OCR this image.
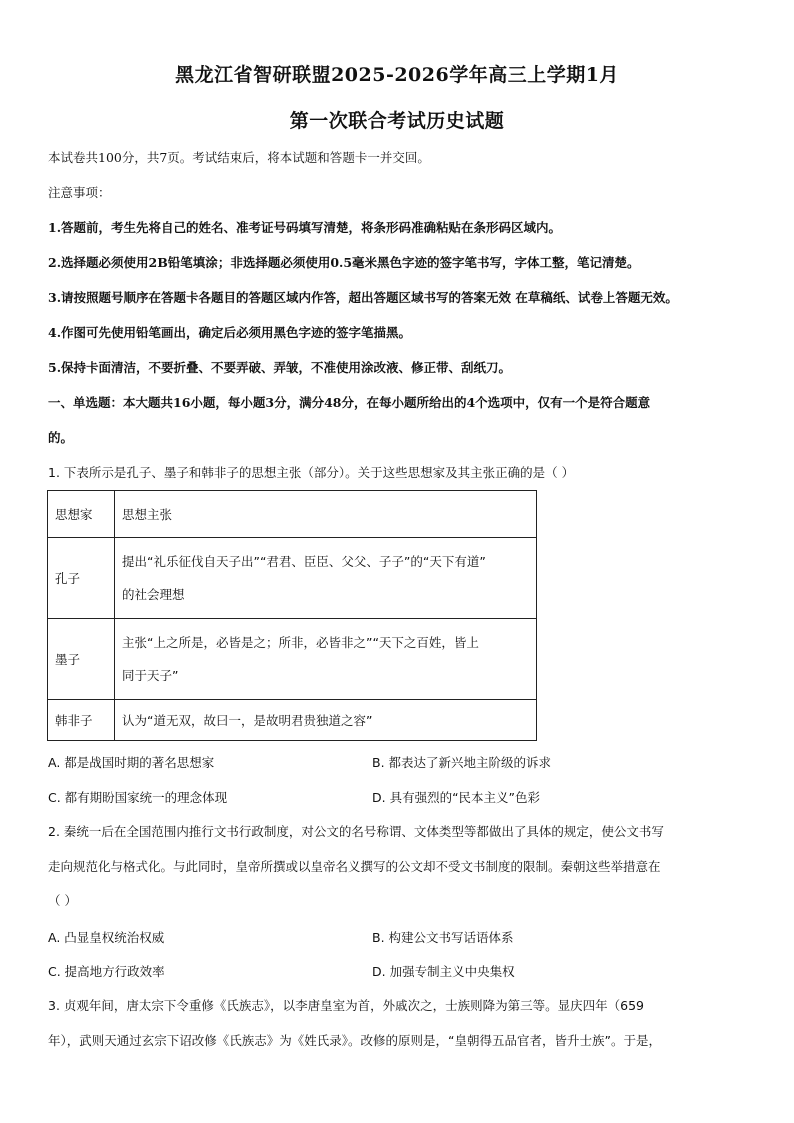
黑龙江省智研联盟2025-2026学年高三上学期1月
第一次联合考试历史试题
本试卷共100分，共7页。考试结束后，将本试题和答题卡一并交回。
注意事项：
1.答题前，考生先将自己的姓名、准考证号码填写清楚，将条形码准确粘贴在条形码区域内。
2.选择题必须使用2B铅笔填涂；非选择题必须使用0.5毫米黑色字迹的签字笔书写，字体工整，笔记清楚。
3.请按照题号顺序在答题卡各题目的答题区域内作答，超出答题区域书写的答案无效 在草稿纸、试卷上答题无效。
4.作图可先使用铅笔画出，确定后必须用黑色字迹的签字笔描黑。
5.保持卡面清洁，不要折叠、不要弄破、弄皱，不准使用涂改液、修正带、刮纸刀。
一、单选题：本大题共16小题，每小题3分，满分48分，在每小题所给出的4个选项中，仅有一个是符合题意
的。
1. 下表所示是孔子、墨子和韩非子的思想主张（部分）。关于这些思想家及其主张正确的是（ ）
思想家	思想主张
孔子	提出“礼乐征伐自天子出”“君君、臣臣、父父、子子”的“天下有道”
的社会理想
墨子	主张“上之所是，必皆是之；所非，必皆非之”“天下之百姓，皆上
同于天子”
韩非子	认为“道无双，故曰一，是故明君贵独道之容”
A. 都是战国时期的著名思想家	B. 都表达了新兴地主阶级的诉求
C. 都有期盼国家统一的理念体现	D. 具有强烈的“民本主义”色彩
2. 秦统一后在全国范围内推行文书行政制度，对公文的名号称谓、文体类型等都做出了具体的规定，使公文书写
走向规范化与格式化。与此同时，皇帝所撰或以皇帝名义撰写的公文却不受文书制度的限制。秦朝这些举措意在
（ ）
A. 凸显皇权统治权威	B. 构建公文书写话语体系
C. 提高地方行政效率	D. 加强专制主义中央集权
3. 贞观年间，唐太宗下令重修《氏族志》，以李唐皇室为首，外戚次之，士族则降为第三等。显庆四年（659
年），武则天通过玄宗下诏改修《氏族志》为《姓氏录》。改修的原则是，“皇朝得五品官者，皆升士族”。于是，
